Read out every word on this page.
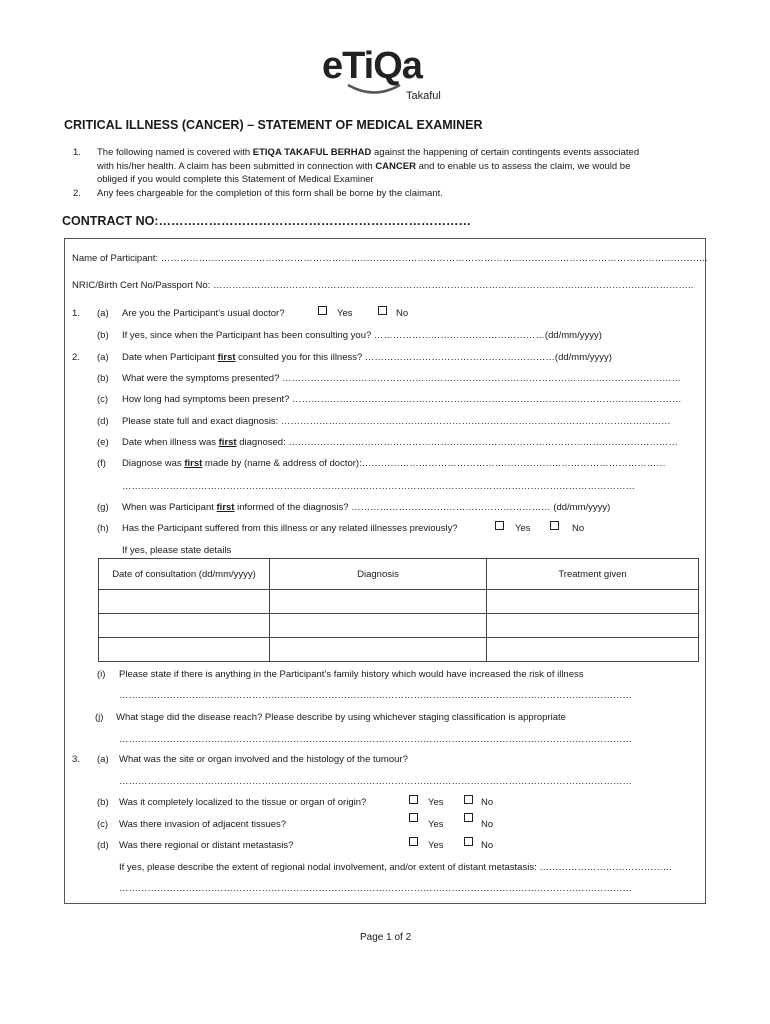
eTiQa
Takaful
CRITICAL ILLNESS (CANCER) – STATEMENT OF MEDICAL EXAMINER
1. The following named is covered with ETIQA TAKAFUL BERHAD against the happening of certain contingents events associated
with his/her health. A claim has been submitted in connection with CANCER and to enable us to assess the claim, we would be
obliged if you would complete this Statement of Medical Examiner
2. Any fees chargeable for the completion of this form shall be borne by the claimant.
CONTRACT NO:…………………………………………………………………
Name of Participant: ………………………………………………………………………………………………………………………………………………………..
NRIC/Birth Cert No/Passport No: ……………………………………………………………………………………………………………………………………..
1. (a) Are you the Participant’s usual doctor?	Yes	No
(b) If yes, since when the Participant has been consulting you? ………………………………………………(dd/mm/yyyy)
2. (a) Date when Participant first consulted you for this illness? ……………………………………………………(dd/mm/yyyy)
(b) What were the symptoms presented? ………………………………………………………………………………………………………………
(c) How long had symptoms been present? ……………………………………………………………………………………………………………
(d) Please state full and exact diagnosis: ……………………………………………………………………………………………………………
(e) Date when illness was first diagnosed: ……………………………………………………………………………………………………………
(f) Diagnose was first made by (name & address of doctor):……………………………………………………………………………………
………………………………………………………………………………………………………………………………………………
(g) When was Participant first informed of the diagnosis? ……………………………………………………… (dd/mm/yyyy)
(h) Has the Participant suffered from this illness or any related illnesses previously?	Yes	No
If yes, please state details
Date of consultation (dd/mm/yyyy)	Diagnosis	Treatment given

(i) Please state if there is anything in the Participant’s family history which would have increased the risk of illness
………………………………………………………………………………………………………………………………………………
(j) What stage did the disease reach? Please describe by using whichever staging classification is appropriate
………………………………………………………………………………………………………………………………………………
3. (a) What was the site or organ involved and the histology of the tumour?
………………………………………………………………………………………………………………………………………………
(b) Was it completely localized to the tissue or organ of origin?	Yes	No
(c) Was there invasion of adjacent tissues?	Yes	No
(d) Was there regional or distant metastasis?	Yes	No
If yes, please describe the extent of regional nodal involvement, and/or extent of distant metastasis: ……………………………………
………………………………………………………………………………………………………………………………………………
Page 1 of 2
